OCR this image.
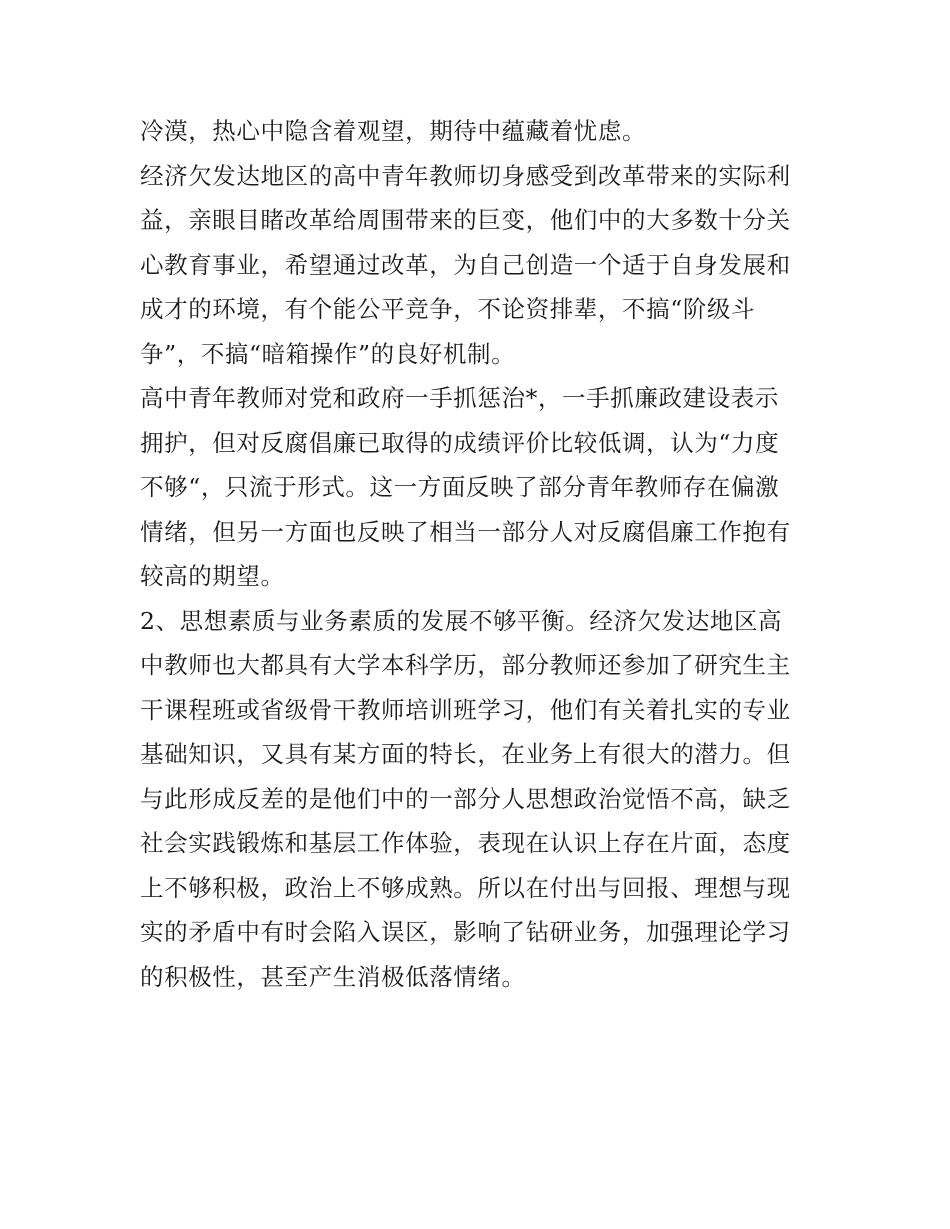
冷漠，热心中隐含着观望，期待中蕴藏着忧虑。
经济欠发达地区的高中青年教师切身感受到改革带来的实际利
益，亲眼目睹改革给周围带来的巨变，他们中的大多数十分关
心教育事业，希望通过改革，为自己创造一个适于自身发展和
成才的环境，有个能公平竞争，不论资排辈，不搞“阶级斗
争”，不搞“暗箱操作”的良好机制。
高中青年教师对党和政府一手抓惩治*，一手抓廉政建设表示
拥护，但对反腐倡廉已取得的成绩评价比较低调，认为“力度
不够“，只流于形式。这一方面反映了部分青年教师存在偏激
情绪，但另一方面也反映了相当一部分人对反腐倡廉工作抱有
较高的期望。
2、思想素质与业务素质的发展不够平衡。经济欠发达地区高
中教师也大都具有大学本科学历，部分教师还参加了研究生主
干课程班或省级骨干教师培训班学习，他们有关着扎实的专业
基础知识，又具有某方面的特长，在业务上有很大的潜力。但
与此形成反差的是他们中的一部分人思想政治觉悟不高，缺乏
社会实践锻炼和基层工作体验，表现在认识上存在片面，态度
上不够积极，政治上不够成熟。所以在付出与回报、理想与现
实的矛盾中有时会陷入误区，影响了钻研业务，加强理论学习
的积极性，甚至产生消极低落情绪。
